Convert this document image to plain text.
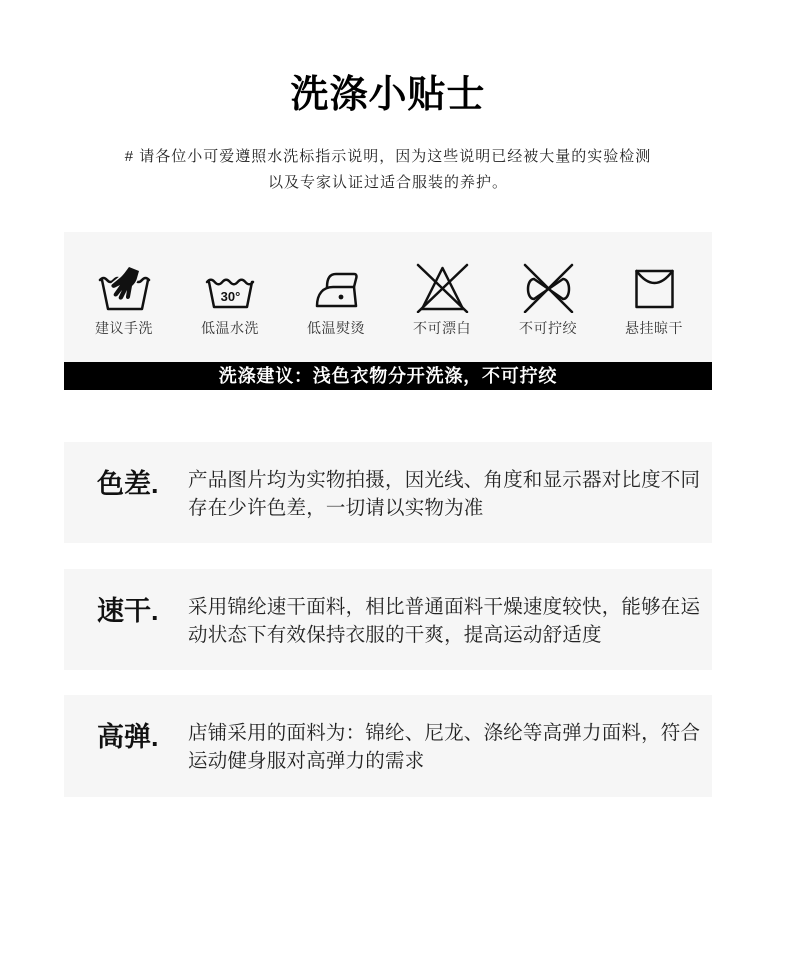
洗涤小贴士
# 请各位小可爱遵照水洗标指示说明，因为这些说明已经被大量的实验检测
以及专家认证过适合服装的养护。
建议手洗
30°
低温水洗	低温熨烫	不可漂白	不可拧绞	悬挂晾干
洗涤建议：浅色衣物分开洗涤，不可拧绞
色差. 产品图片均为实物拍摄，因光线、角度和显示器对比度不同
存在少许色差，一切请以实物为准
速干. 采用锦纶速干面料，相比普通面料干燥速度较快，能够在运
动状态下有效保持衣服的干爽，提高运动舒适度
高弹. 店铺采用的面料为：锦纶、尼龙、涤纶等高弹力面料，符合
运动健身服对高弹力的需求
